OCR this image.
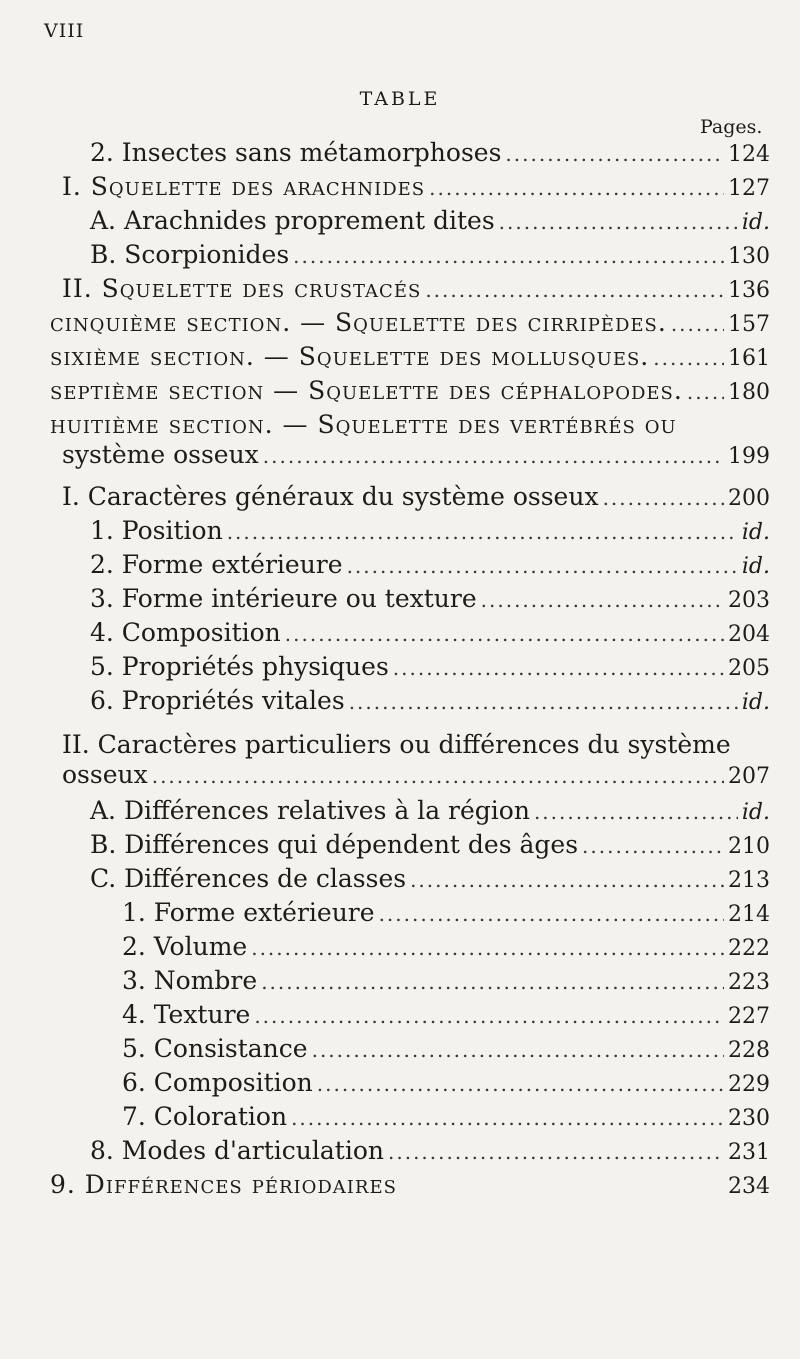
VIII
TABLE
Pages.
2. Insectes sans métamorphoses .....	124
I. Squelette des arachnides .....	127
A. Arachnides proprement dites .....	id.
B. Scorpionides .....	130
II. Squelette des crustacés .....	136
cinquième section. — Squelette des cirripèdes. .....	157
sixième section. — Squelette des mollusques. .....	161
septième section — Squelette des céphalopodes. ..... 180
huitième section. — Squelette des vertébrés ou
système osseux .....	199
I. Caractères généraux du système osseux .....	200
1. Position .....	id.
2. Forme extérieure .....	id.
3. Forme intérieure ou texture .....	203
4. Composition .....	204
5. Propriétés physiques .....	205
6. Propriétés vitales .....	id.
II. Caractères particuliers ou différences du système
osseux .....	207
A. Différences relatives à la région .....	id.
B. Différences qui dépendent des âges .....	210
C. Différences de classes .....	213
1. Forme extérieure .....	214
2. Volume .....	222
3. Nombre .....	223
4. Texture .....	227
5. Consistance .....	228
6. Composition .....	229
7. Coloration .....	230
8. Modes d'articulation .....	231
9. Différences périodaires	234
